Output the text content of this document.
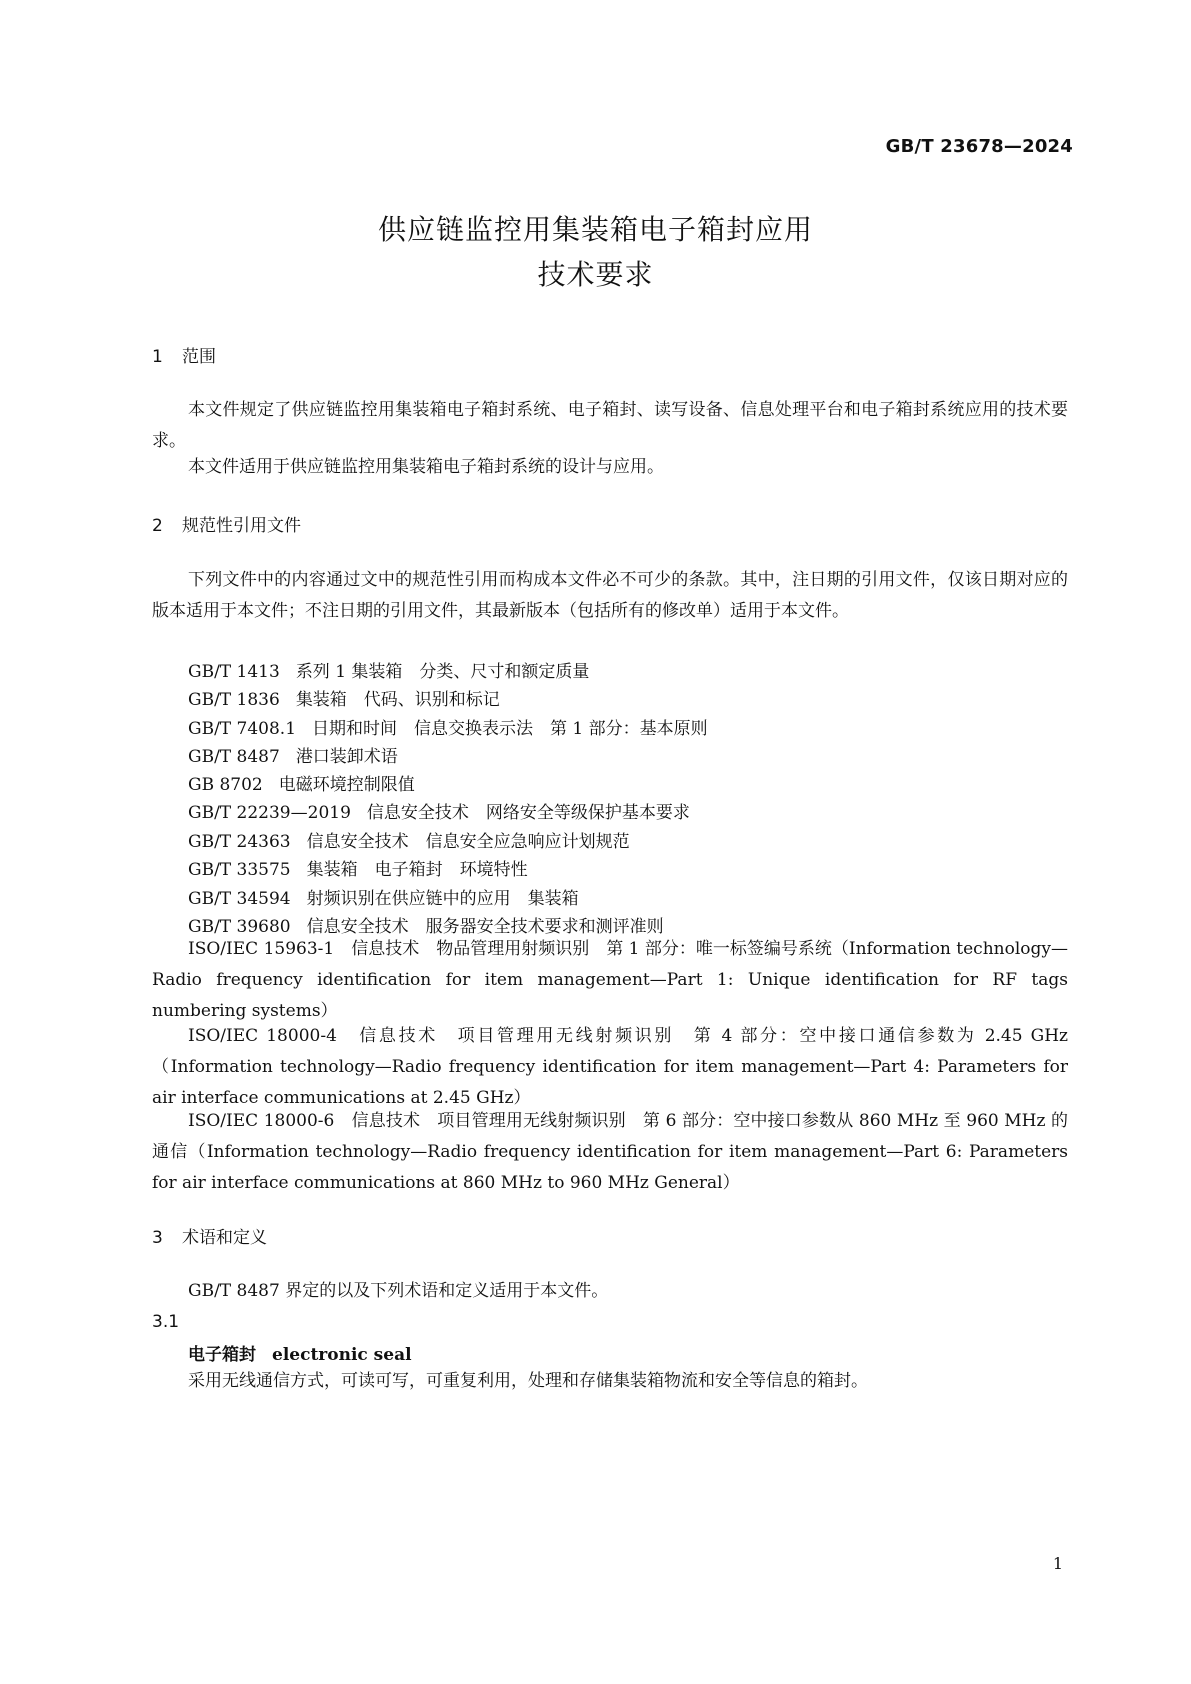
GB/T 23678—2024
供应链监控用集装箱电子箱封应用
技术要求
1 范围

本文件规定了供应链监控用集装箱电子箱封系统、电子箱封、读写设备、信息处理平台和电子箱封系统应用的技术要求。

本文件适用于供应链监控用集装箱电子箱封系统的设计与应用。

2 规范性引用文件

下列文件中的内容通过文中的规范性引用而构成本文件必不可少的条款。其中，注日期的引用文件，仅该日期对应的版本适用于本文件；不注日期的引用文件，其最新版本（包括所有的修改单）适用于本文件。

GB/T 1413 系列 1 集装箱　分类、尺寸和额定质量
GB/T 1836 集装箱　代码、识别和标记
GB/T 7408.1 日期和时间　信息交换表示法　第 1 部分：基本原则
GB/T 8487 港口装卸术语
GB 8702 电磁环境控制限值
GB/T 22239—2019 信息安全技术　网络安全等级保护基本要求
GB/T 24363 信息安全技术　信息安全应急响应计划规范
GB/T 33575 集装箱　电子箱封　环境特性
GB/T 34594 射频识别在供应链中的应用　集装箱
GB/T 39680 信息安全技术　服务器安全技术要求和测评准则

ISO/IEC 15963-1　信息技术　物品管理用射频识别　第 1 部分：唯一标签编号系统（Information technology—Radio frequency identification for item management—Part 1: Unique identification for RF tags numbering systems）

ISO/IEC 18000-4　信息技术　项目管理用无线射频识别　第 4 部分：空中接口通信参数为 2.45 GHz（Information technology—Radio frequency identification for item management—Part 4: Parameters for air interface communications at 2.45 GHz）

ISO/IEC 18000-6　信息技术　项目管理用无线射频识别　第 6 部分：空中接口参数从 860 MHz 至 960 MHz 的通信（Information technology—Radio frequency identification for item management—Part 6: Parameters for air interface communications at 860 MHz to 960 MHz General）

3 术语和定义

GB/T 8487 界定的以及下列术语和定义适用于本文件。

3.1
电子箱封 electronic seal
采用无线通信方式，可读可写，可重复利用，处理和存储集装箱物流和安全等信息的箱封。
1
